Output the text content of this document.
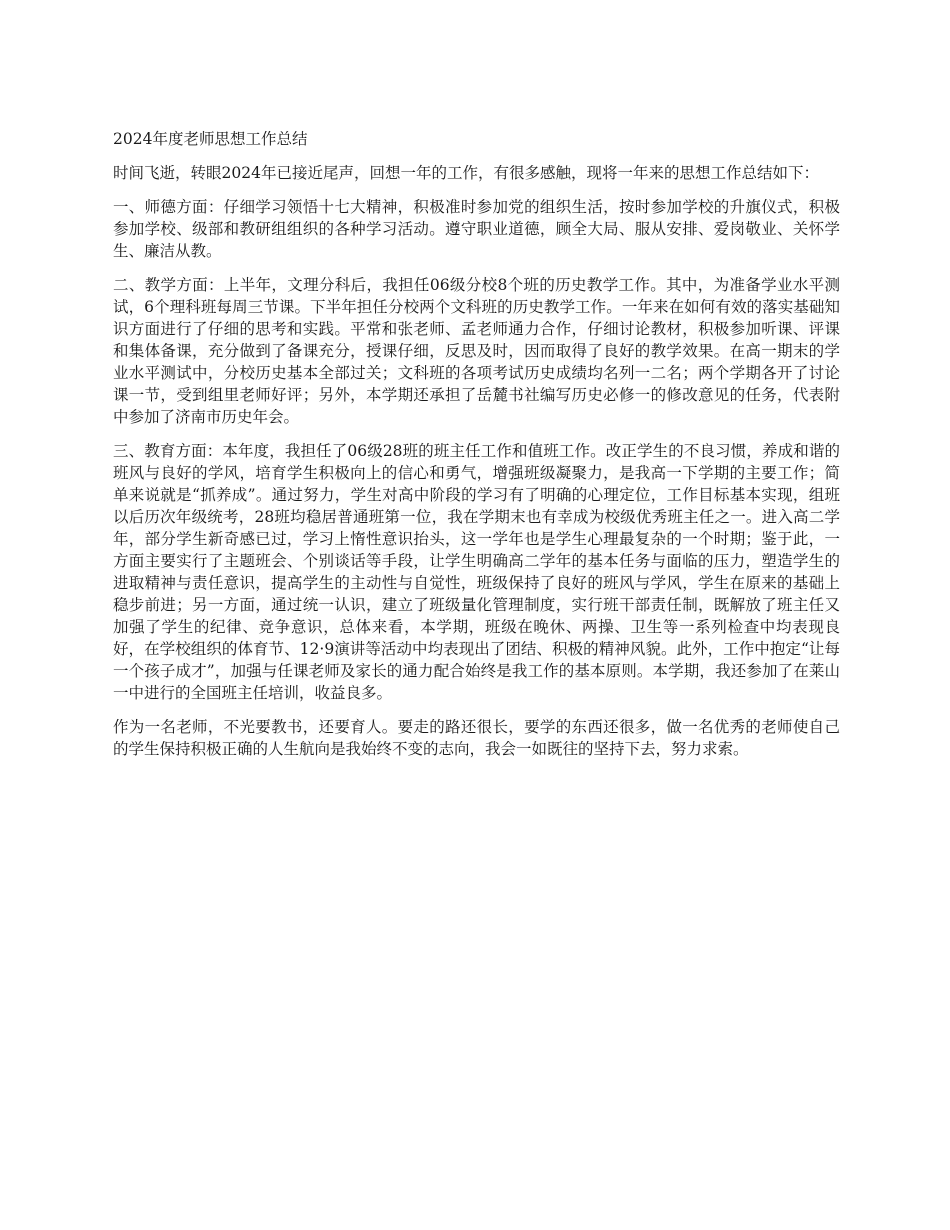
2024年度老师思想工作总结

时间飞逝，转眼2024年已接近尾声，回想一年的工作，有很多感触，现将一年来的思想工作总结如下：

一、师德方面：仔细学习领悟十七大精神，积极准时参加党的组织生活，按时参加学校的升旗仪式，积极参加学校、级部和教研组组织的各种学习活动。遵守职业道德，顾全大局、服从安排、爱岗敬业、关怀学生、廉洁从教。

二、教学方面：上半年，文理分科后，我担任06级分校8个班的历史教学工作。其中，为准备学业水平测试，6个理科班每周三节课。下半年担任分校两个文科班的历史教学工作。一年来在如何有效的落实基础知识方面进行了仔细的思考和实践。平常和张老师、孟老师通力合作，仔细讨论教材，积极参加听课、评课和集体备课，充分做到了备课充分，授课仔细，反思及时，因而取得了良好的教学效果。在高一期末的学业水平测试中，分校历史基本全部过关；文科班的各项考试历史成绩均名列一二名；两个学期各开了讨论课一节，受到组里老师好评；另外，本学期还承担了岳麓书社编写历史必修一的修改意见的任务，代表附中参加了济南市历史年会。

三、教育方面：本年度，我担任了06级28班的班主任工作和值班工作。改正学生的不良习惯，养成和谐的班风与良好的学风，培育学生积极向上的信心和勇气，增强班级凝聚力，是我高一下学期的主要工作；简单来说就是“抓养成”。通过努力，学生对高中阶段的学习有了明确的心理定位，工作目标基本实现，组班以后历次年级统考，28班均稳居普通班第一位，我在学期末也有幸成为校级优秀班主任之一。进入高二学年，部分学生新奇感已过，学习上惰性意识抬头，这一学年也是学生心理最复杂的一个时期；鉴于此，一方面主要实行了主题班会、个别谈话等手段，让学生明确高二学年的基本任务与面临的压力，塑造学生的进取精神与责任意识，提高学生的主动性与自觉性，班级保持了良好的班风与学风，学生在原来的基础上稳步前进；另一方面，通过统一认识，建立了班级量化管理制度，实行班干部责任制，既解放了班主任又加强了学生的纪律、竞争意识，总体来看，本学期，班级在晚休、两操、卫生等一系列检查中均表现良好，在学校组织的体育节、12·9演讲等活动中均表现出了团结、积极的精神风貌。此外，工作中抱定“让每一个孩子成才”，加强与任课老师及家长的通力配合始终是我工作的基本原则。本学期，我还参加了在莱山一中进行的全国班主任培训，收益良多。

作为一名老师，不光要教书，还要育人。要走的路还很长，要学的东西还很多，做一名优秀的老师使自己的学生保持积极正确的人生航向是我始终不变的志向，我会一如既往的坚持下去，努力求索。
